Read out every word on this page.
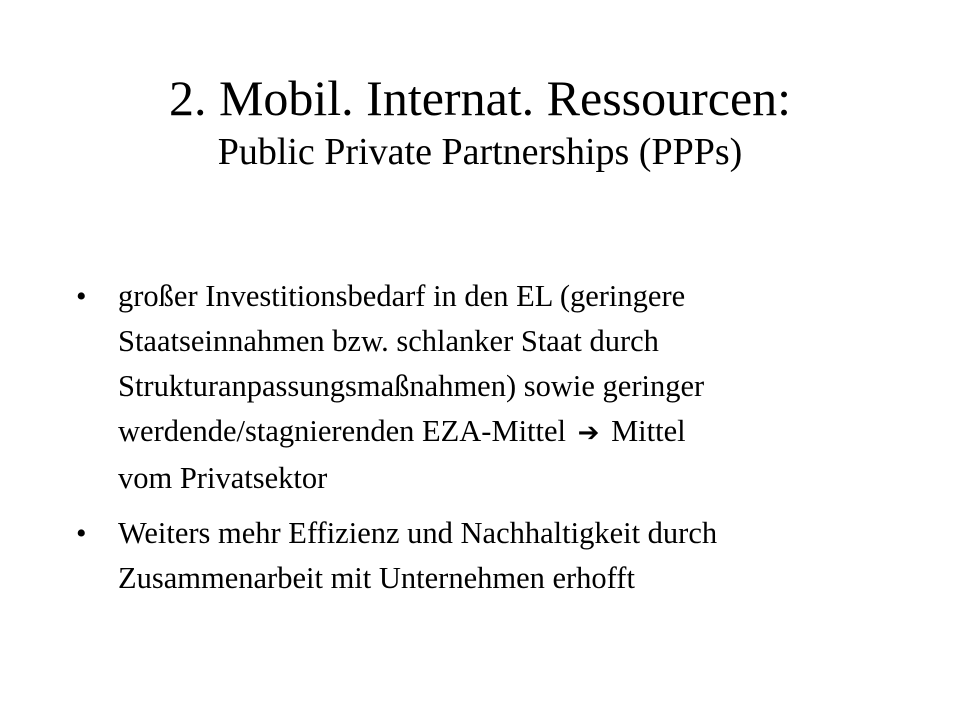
2. Mobil. Internat. Ressourcen:
Public Private Partnerships (PPPs)
• großer Investitionsbedarf in den EL (geringere
Staatseinnahmen bzw. schlanker Staat durch
Strukturanpassungsmaßnahmen) sowie geringer
werdende/stagnierenden EZA-Mittel ➔ Mittel
vom Privatsektor
• Weiters mehr Effizienz und Nachhaltigkeit durch
Zusammenarbeit mit Unternehmen erhofft
